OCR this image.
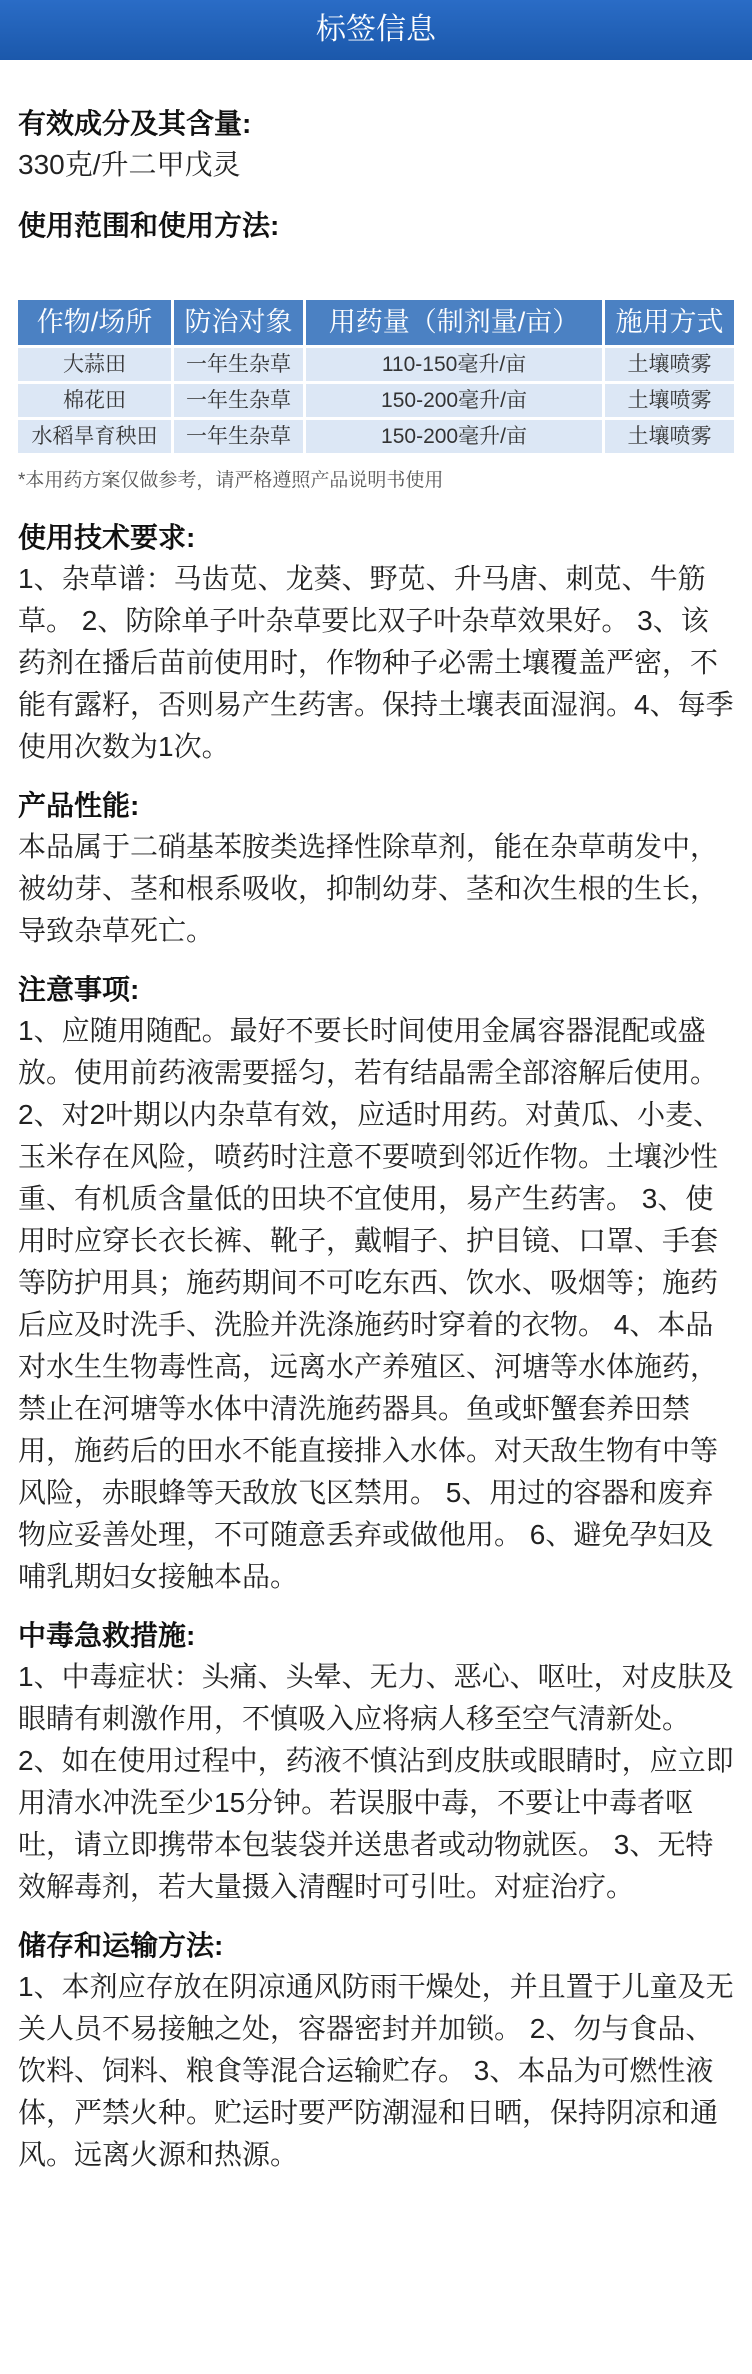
标签信息
有效成分及其含量:
330克/升二甲戊灵
使用范围和使用方法:
作物/场所	防治对象	用药量（制剂量/亩）	施用方式
大蒜田	一年生杂草	110-150毫升/亩	土壤喷雾
棉花田	一年生杂草	150-200毫升/亩	土壤喷雾
水稻旱育秧田	一年生杂草	150-200毫升/亩	土壤喷雾
*本用药方案仅做参考，请严格遵照产品说明书使用
使用技术要求:
1、杂草谱：马齿苋、龙葵、野苋、升马唐、刺苋、牛筋
草。 2、防除单子叶杂草要比双子叶杂草效果好。 3、该
药剂在播后苗前使用时，作物种子必需土壤覆盖严密，不
能有露籽，否则易产生药害。保持土壤表面湿润。4、每季
使用次数为1次。
产品性能:
本品属于二硝基苯胺类选择性除草剂，能在杂草萌发中，
被幼芽、茎和根系吸收，抑制幼芽、茎和次生根的生长，
导致杂草死亡。
注意事项:
1、应随用随配。最好不要长时间使用金属容器混配或盛
放。使用前药液需要摇匀，若有结晶需全部溶解后使用。
2、对2叶期以内杂草有效，应适时用药。对黄瓜、小麦、
玉米存在风险，喷药时注意不要喷到邻近作物。土壤沙性
重、有机质含量低的田块不宜使用，易产生药害。 3、使
用时应穿长衣长裤、靴子，戴帽子、护目镜、口罩、手套
等防护用具；施药期间不可吃东西、饮水、吸烟等；施药
后应及时洗手、洗脸并洗涤施药时穿着的衣物。 4、本品
对水生生物毒性高，远离水产养殖区、河塘等水体施药，
禁止在河塘等水体中清洗施药器具。鱼或虾蟹套养田禁
用，施药后的田水不能直接排入水体。对天敌生物有中等
风险，赤眼蜂等天敌放飞区禁用。 5、用过的容器和废弃
物应妥善处理，不可随意丢弃或做他用。 6、避免孕妇及
哺乳期妇女接触本品。
中毒急救措施:
1、中毒症状：头痛、头晕、无力、恶心、呕吐，对皮肤及
眼睛有刺激作用，不慎吸入应将病人移至空气清新处。
2、如在使用过程中，药液不慎沾到皮肤或眼睛时，应立即
用清水冲洗至少15分钟。若误服中毒，不要让中毒者呕
吐，请立即携带本包装袋并送患者或动物就医。 3、无特
效解毒剂，若大量摄入清醒时可引吐。对症治疗。
储存和运输方法:
1、本剂应存放在阴凉通风防雨干燥处，并且置于儿童及无
关人员不易接触之处，容器密封并加锁。 2、勿与食品、
饮料、饲料、粮食等混合运输贮存。 3、本品为可燃性液
体，严禁火种。贮运时要严防潮湿和日晒，保持阴凉和通
风。远离火源和热源。
